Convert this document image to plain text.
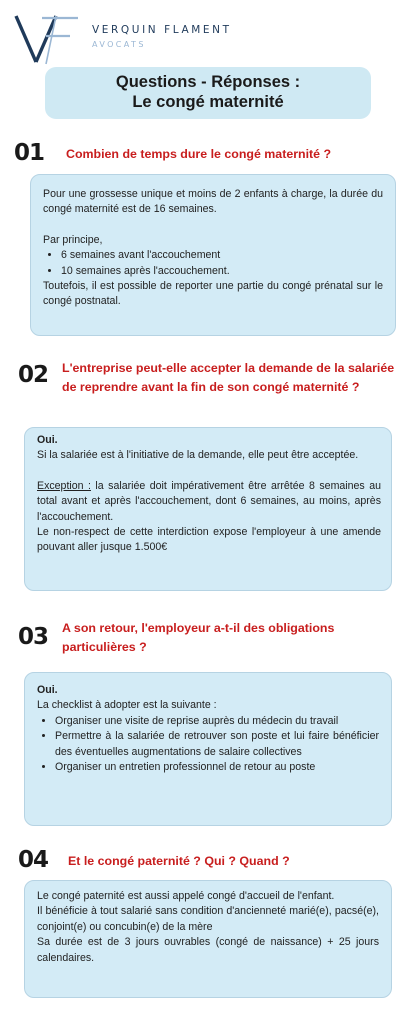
VERQUIN FLAMENT
AVOCATS
Questions - Réponses :
Le congé maternité
01 Combien de temps dure le congé maternité ?

Pour une grossesse unique et moins de 2 enfants à charge, la durée du congé maternité est de 16 semaines.

Par principe,

• 6 semaines avant l'accouchement
• 10 semaines après l'accouchement.

Toutefois, il est possible de reporter une partie du congé prénatal sur le congé postnatal.

02 L'entreprise peut-elle accepter la demande de la salariée de reprendre avant la fin de son congé maternité ?

Oui.

Si la salariée est à l'initiative de la demande, elle peut être acceptée.

Exception : la salariée doit impérativement être arrêtée 8 semaines au total avant et après l'accouchement, dont 6 semaines, au moins, après l'accouchement.

Le non-respect de cette interdiction expose l'employeur à une amende pouvant aller jusque 1.500€

03 A son retour, l'employeur a-t-il des obligations particulières ?

Oui.

La checklist à adopter est la suivante :

• Organiser une visite de reprise auprès du médecin du travail
• Permettre à la salariée de retrouver son poste et lui faire bénéficier des éventuelles augmentations de salaire collectives
• Organiser un entretien professionnel de retour au poste
04 Et le congé paternité ? Qui ? Quand ?

Le congé paternité est aussi appelé congé d'accueil de l'enfant.

Il bénéficie à tout salarié sans condition d'ancienneté marié(e), pacsé(e), conjoint(e) ou concubin(e) de la mère

Sa durée est de 3 jours ouvrables (congé de naissance) + 25 jours calendaires.
